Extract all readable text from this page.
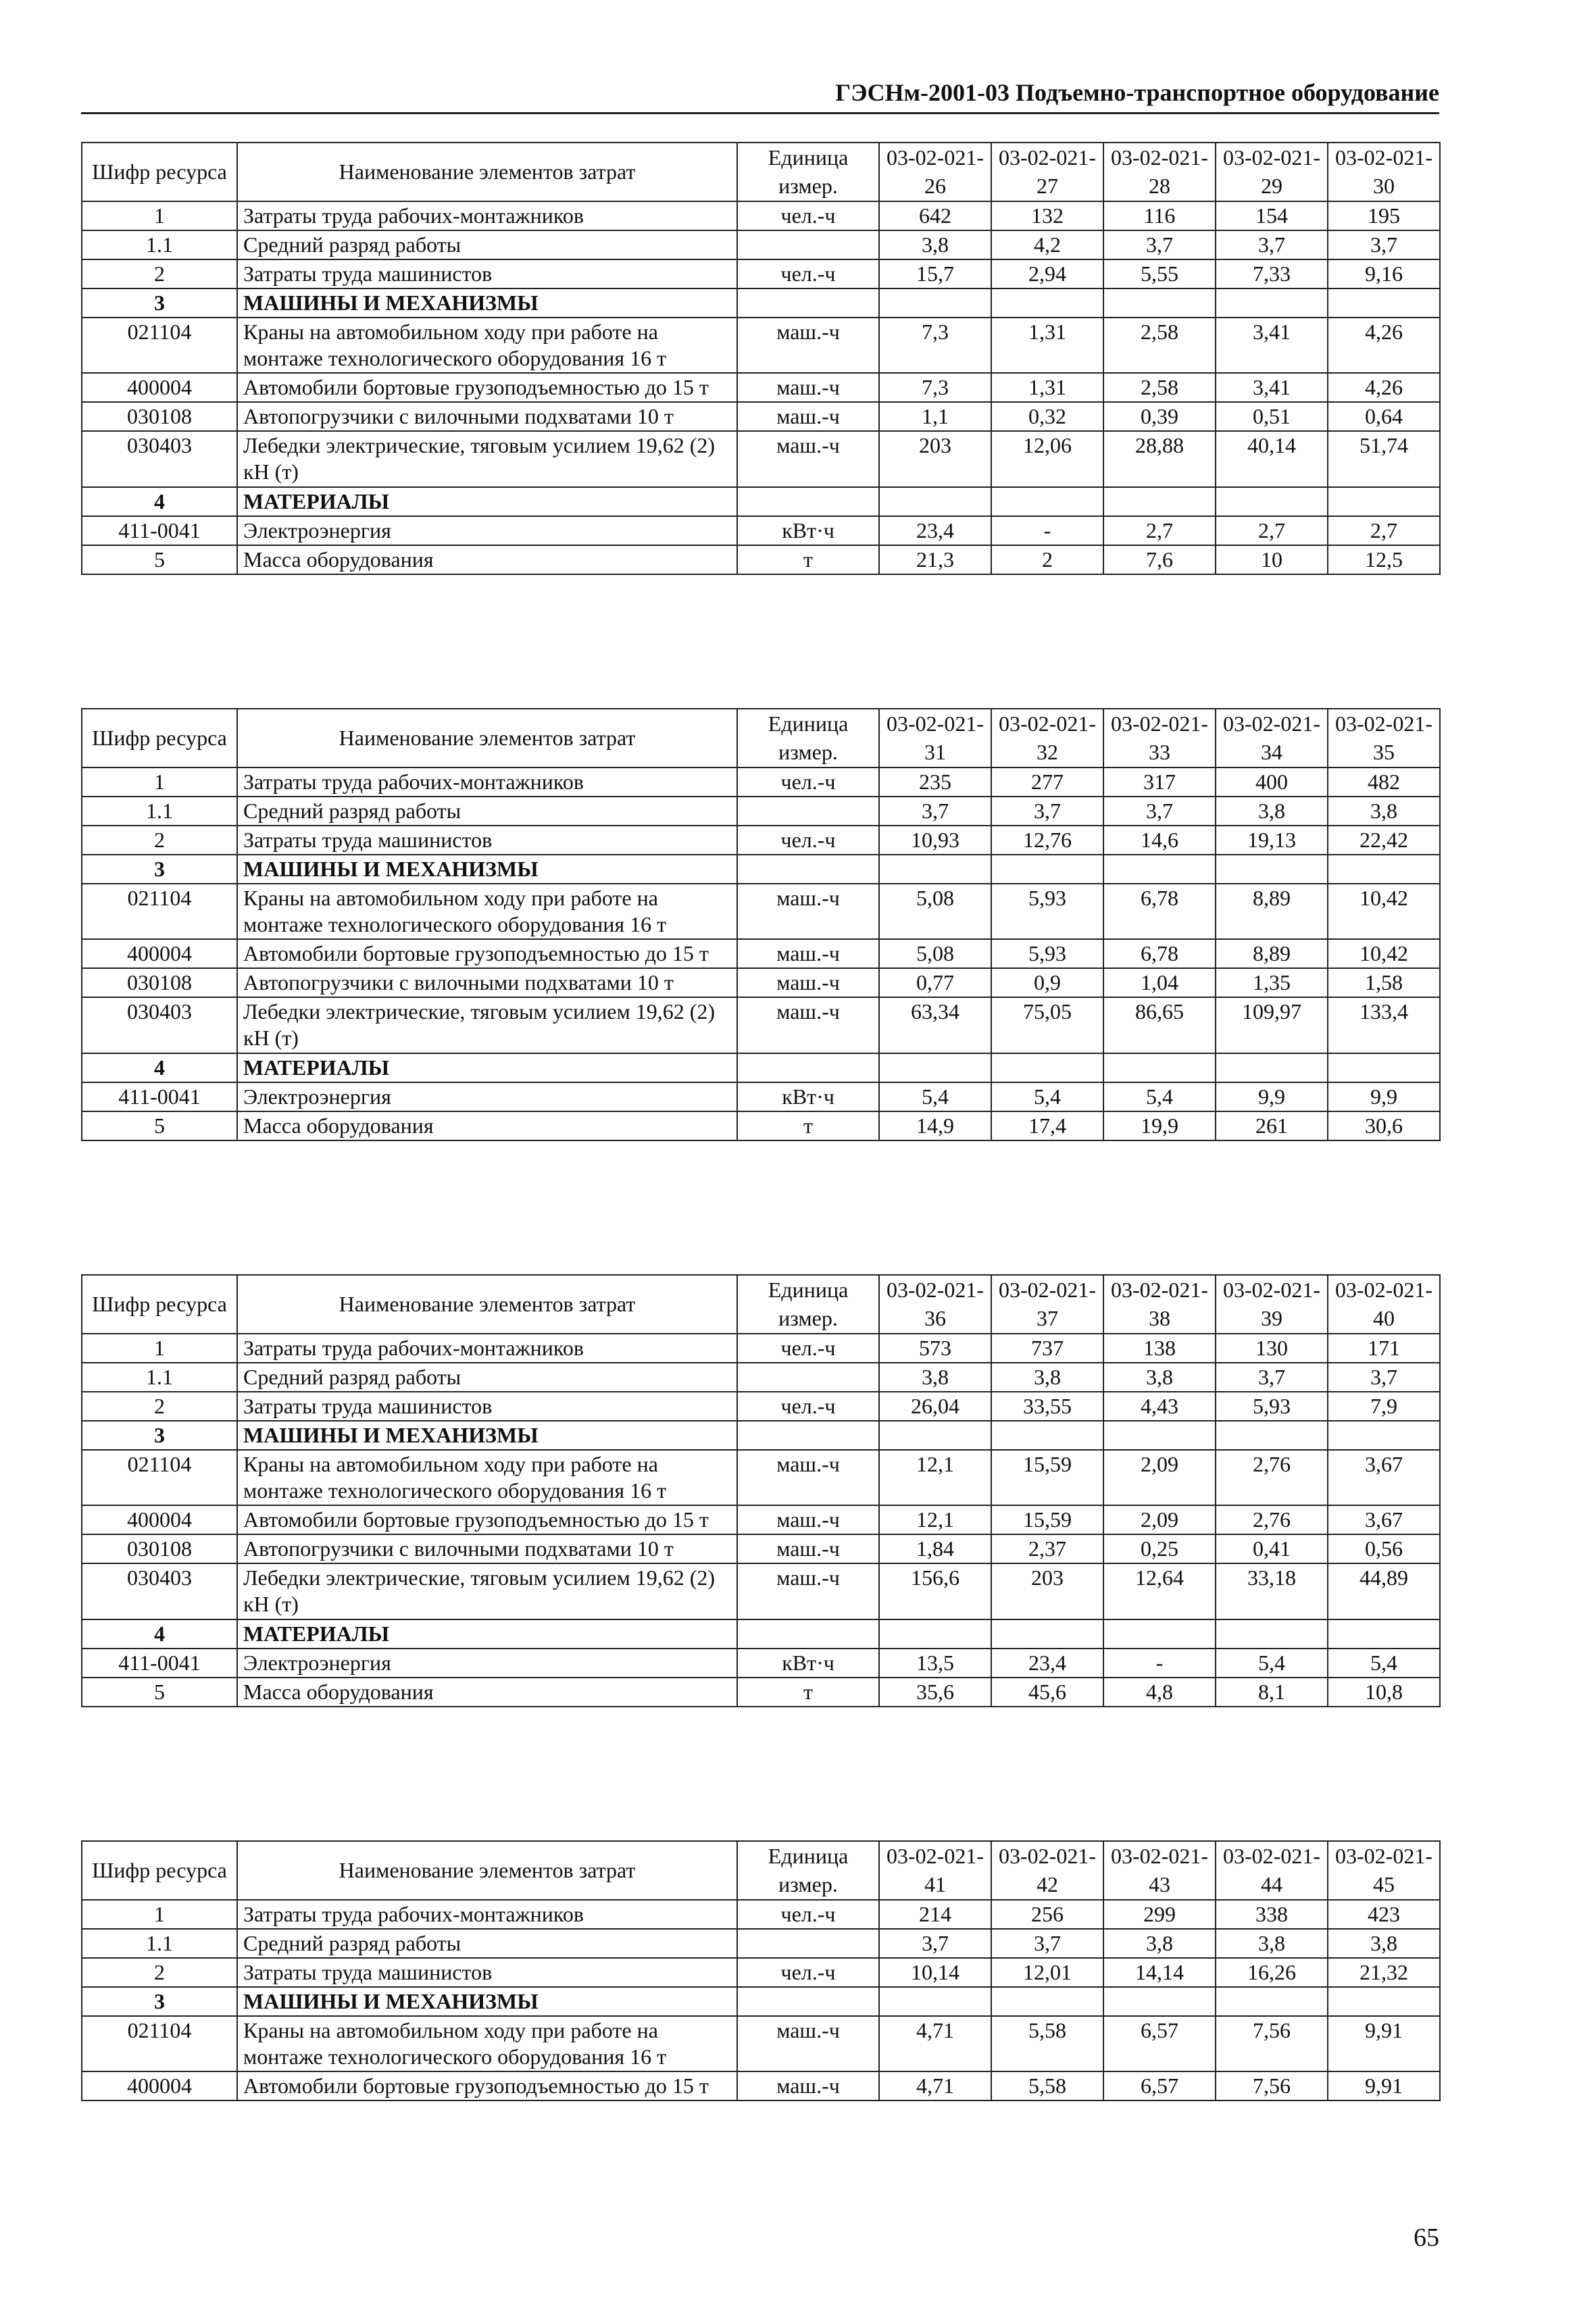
ГЭСНм-2001-03 Подъемно-транспортное оборудование
Шифр ресурса	Наименование элементов затрат	Единица измер.	03-02-021-26	03-02-021-27	03-02-021-28	03-02-021-29	03-02-021-30
1	Затраты труда рабочих-монтажников	чел.-ч	642	132	116	154	195
1.1	Средний разряд работы		3,8	4,2	3,7	3,7	3,7
2	Затраты труда машинистов	чел.-ч	15,7	2,94	5,55	7,33	9,16
3	МАШИНЫ И МЕХАНИЗМЫ						
021104	Краны на автомобильном ходу при работе на монтаже технологического оборудования 16 т	маш.-ч	7,3	1,31	2,58	3,41	4,26
400004	Автомобили бортовые грузоподъемностью до 15 т	маш.-ч	7,3	1,31	2,58	3,41	4,26
030108	Автопогрузчики с вилочными подхватами 10 т	маш.-ч	1,1	0,32	0,39	0,51	0,64
030403	Лебедки электрические, тяговым усилием 19,62 (2) кН (т)	маш.-ч	203	12,06	28,88	40,14	51,74
4	МАТЕРИАЛЫ						
411-0041	Электроэнергия	кВт·ч	23,4	-	2,7	2,7	2,7
5	Масса оборудования	т	21,3	2	7,6	10	12,5
Шифр ресурса	Наименование элементов затрат	Единица измер.	03-02-021-31	03-02-021-32	03-02-021-33	03-02-021-34	03-02-021-35
1	Затраты труда рабочих-монтажников	чел.-ч	235	277	317	400	482
1.1	Средний разряд работы		3,7	3,7	3,7	3,8	3,8
2	Затраты труда машинистов	чел.-ч	10,93	12,76	14,6	19,13	22,42
3	МАШИНЫ И МЕХАНИЗМЫ						
021104	Краны на автомобильном ходу при работе на монтаже технологического оборудования 16 т	маш.-ч	5,08	5,93	6,78	8,89	10,42
400004	Автомобили бортовые грузоподъемностью до 15 т	маш.-ч	5,08	5,93	6,78	8,89	10,42
030108	Автопогрузчики с вилочными подхватами 10 т	маш.-ч	0,77	0,9	1,04	1,35	1,58
030403	Лебедки электрические, тяговым усилием 19,62 (2) кН (т)	маш.-ч	63,34	75,05	86,65	109,97	133,4
4	МАТЕРИАЛЫ						
411-0041	Электроэнергия	кВт·ч	5,4	5,4	5,4	9,9	9,9
5	Масса оборудования	т	14,9	17,4	19,9	261	30,6
Шифр ресурса	Наименование элементов затрат	Единица измер.	03-02-021-36	03-02-021-37	03-02-021-38	03-02-021-39	03-02-021-40
1	Затраты труда рабочих-монтажников	чел.-ч	573	737	138	130	171
1.1	Средний разряд работы		3,8	3,8	3,8	3,7	3,7
2	Затраты труда машинистов	чел.-ч	26,04	33,55	4,43	5,93	7,9
3	МАШИНЫ И МЕХАНИЗМЫ						
021104	Краны на автомобильном ходу при работе на монтаже технологического оборудования 16 т	маш.-ч	12,1	15,59	2,09	2,76	3,67
400004	Автомобили бортовые грузоподъемностью до 15 т	маш.-ч	12,1	15,59	2,09	2,76	3,67
030108	Автопогрузчики с вилочными подхватами 10 т	маш.-ч	1,84	2,37	0,25	0,41	0,56
030403	Лебедки электрические, тяговым усилием 19,62 (2) кН (т)	маш.-ч	156,6	203	12,64	33,18	44,89
4	МАТЕРИАЛЫ						
411-0041	Электроэнергия	кВт·ч	13,5	23,4	-	5,4	5,4
5	Масса оборудования	т	35,6	45,6	4,8	8,1	10,8
Шифр ресурса	Наименование элементов затрат	Единица измер.	03-02-021-41	03-02-021-42	03-02-021-43	03-02-021-44	03-02-021-45
1	Затраты труда рабочих-монтажников	чел.-ч	214	256	299	338	423
1.1	Средний разряд работы		3,7	3,7	3,8	3,8	3,8
2	Затраты труда машинистов	чел.-ч	10,14	12,01	14,14	16,26	21,32
3	МАШИНЫ И МЕХАНИЗМЫ						
021104	Краны на автомобильном ходу при работе на монтаже технологического оборудования 16 т	маш.-ч	4,71	5,58	6,57	7,56	9,91
400004	Автомобили бортовые грузоподъемностью до 15 т	маш.-ч	4,71	5,58	6,57	7,56	9,91
65
